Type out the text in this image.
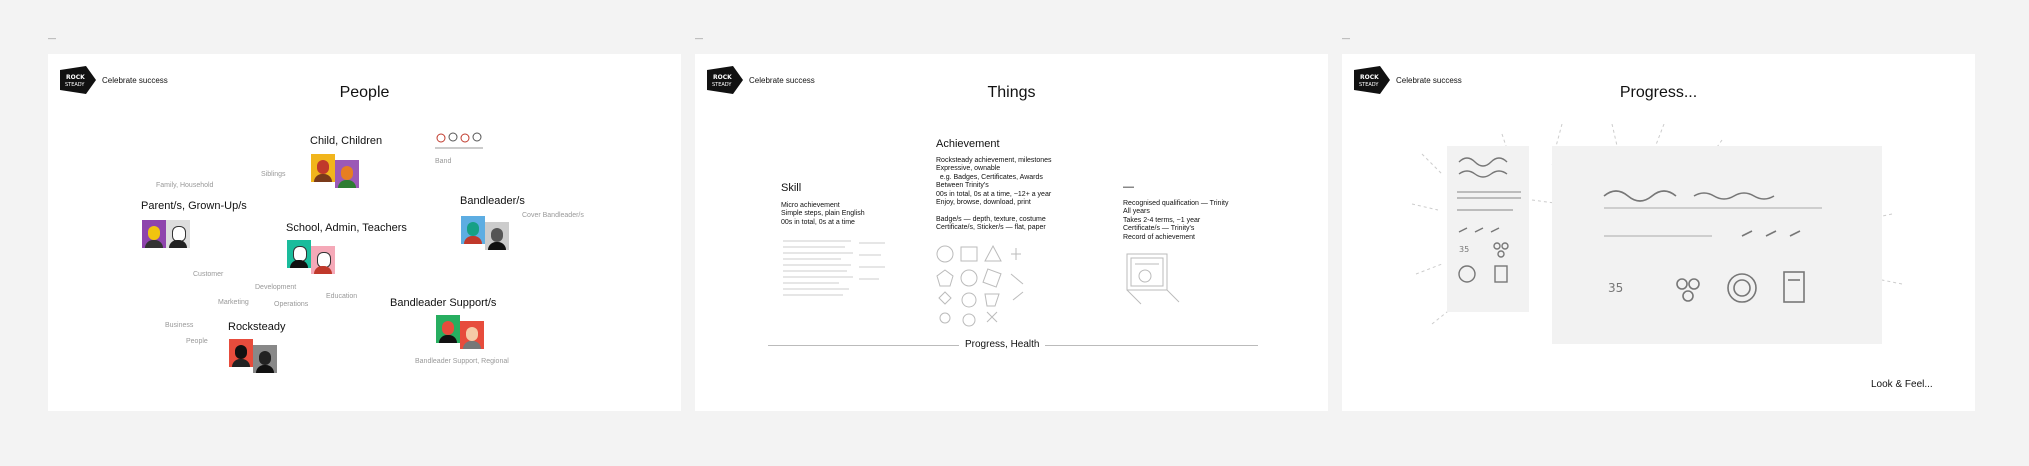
—
ROCK
STEADY
Celebrate success
People
Child, Children
Band
Siblings
Family, Household
Parent/s, Grown-Up/s	Bandleader/s
Cover Bandleader/s
School, Admin, Teachers
Customer
Development
Education
Marketing	Operations	Bandleader Support/s
Bandleader Support, Regional
Business
People
Rocksteady
—
ROCK
STEADY
Celebrate success
Things
Achievement
Rocksteady achievement, milestones
Expressive, ownable
e.g. Badges, Certificates, Awards
Between Trinity's
00s in total, 0s at a time, ~12+ a year
Enjoy, browse, download, print
Badge/s — depth, texture, costume
Certificate/s, Sticker/s — flat, paper
Skill
Micro achievement
Simple steps, plain English
00s in total, 0s at a time
—
Recognised qualification — Trinity
All years
Takes 2-4 terms, ~1 year
Certificate/s — Trinity's
Record of achievement
Progress, Health
—
ROCK
STEADY
Celebrate success
Progress...
35
35
Look & Feel...
